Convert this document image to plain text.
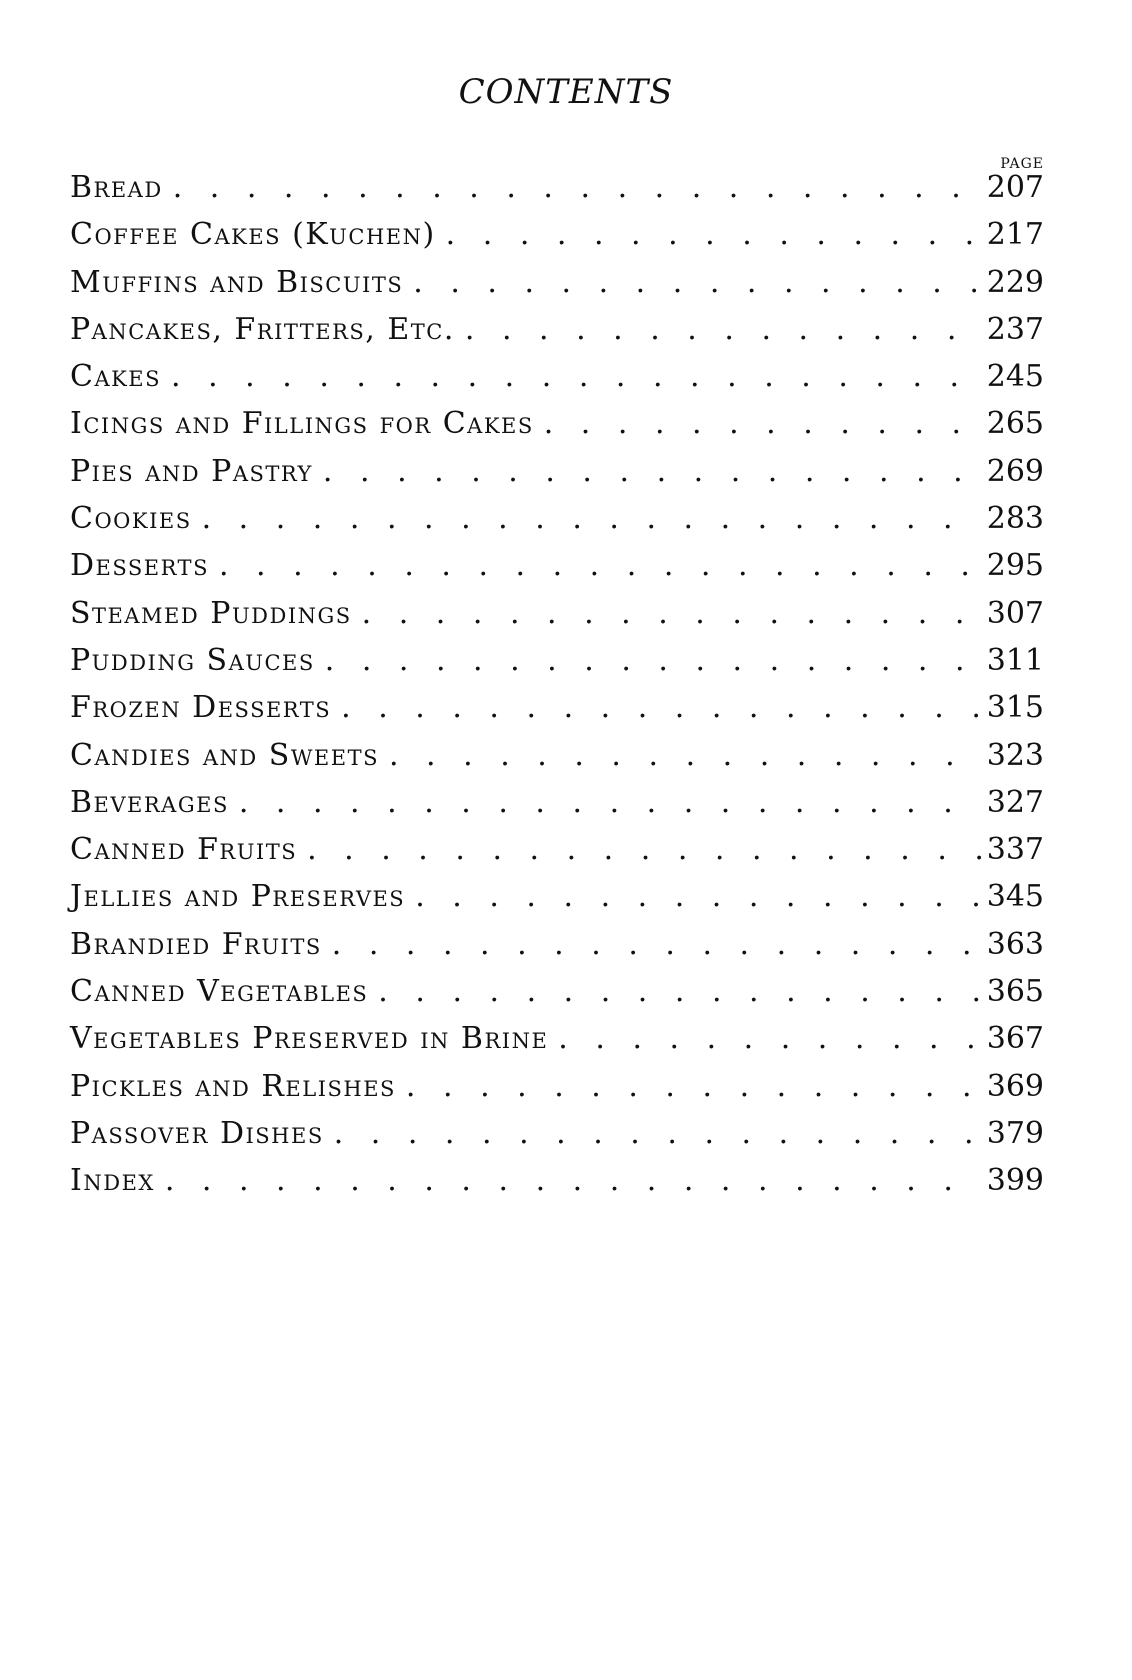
CONTENTS
PAGE
Bread . . .	207
Coffee Cakes (Kuchen) . . .	217
Muffins and Biscuits . . .	229
Pancakes, Fritters, Etc. . . .	237
Cakes . . .	245
Icings and Fillings for Cakes . . .	265
Pies and Pastry . . .	269
Cookies . . .	283
Desserts . . .	295
Steamed Puddings . . .	307
Pudding Sauces . . .	311
Frozen Desserts . . .	315
Candies and Sweets . . .	323
Beverages . . .	327
Canned Fruits . . .	337
Jellies and Preserves . . .	345
Brandied Fruits . . .	363
Canned Vegetables . . .	365
Vegetables Preserved in Brine . . .	367
Pickles and Relishes . . .	369
Passover Dishes . . .	379
Index . . .	399
